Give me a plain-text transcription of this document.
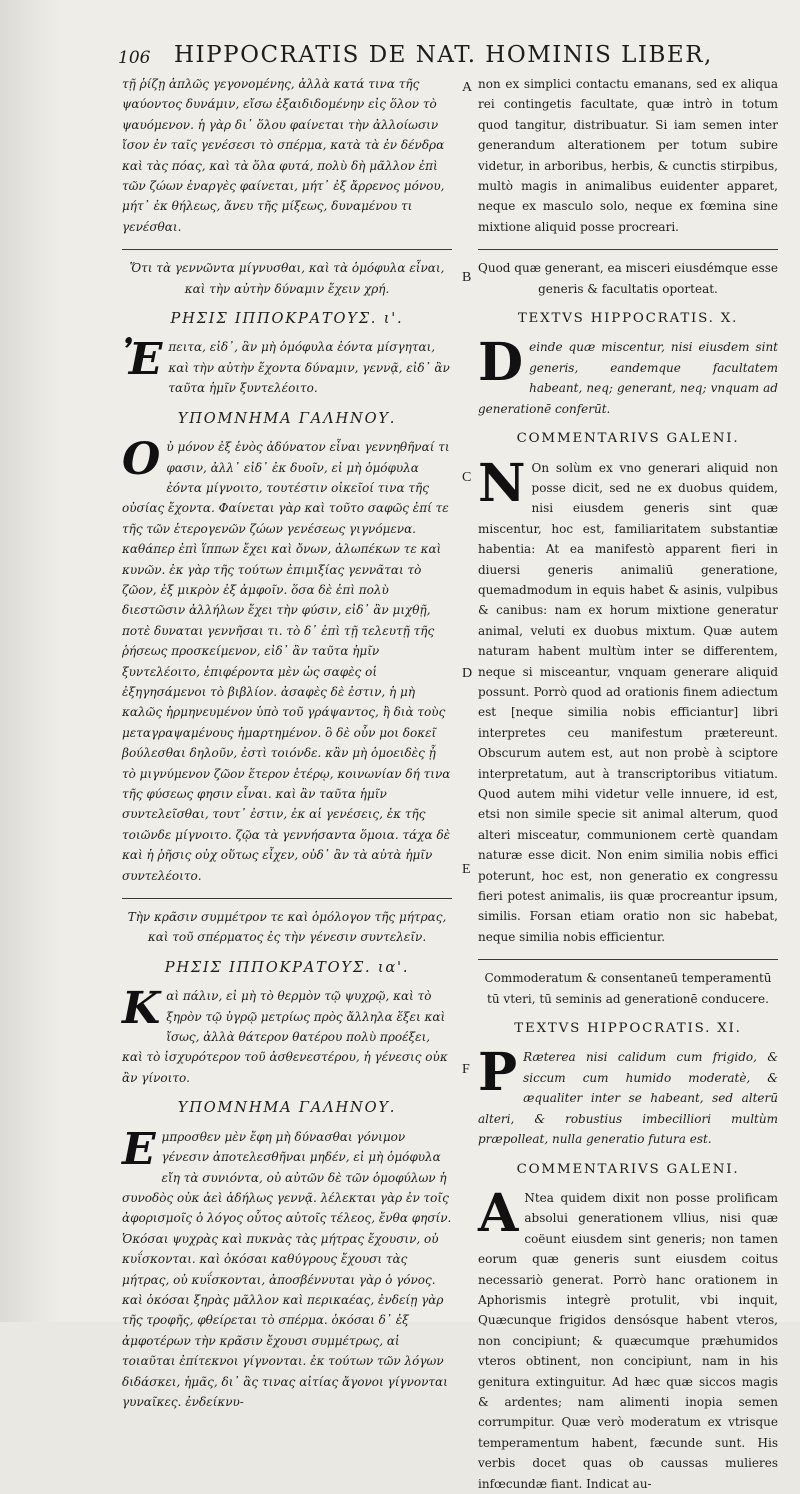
106 HIPPOCRATIS DE NAT. HOMINIS LIBER,

τῇ ῥίζῃ ἁπλῶς γεγονομένης, ἀλλὰ κατά τινα τῆς ψαύοντος δυνάμιν, εἴσω ἐξαιδιδομένην εἰς ὅλον τὸ ψαυόμενον. ἡ γὰρ δι᾽ ὅλου φαίνεται τὴν ἀλλοίωσιν ἴσον ἐν ταῖς γενέσεσι τὸ σπέρμα, κατὰ τὰ ἐν δένδρα καὶ τὰς πόας, καὶ τὰ ὅλα φυτά, πολὺ δὴ μᾶλλον ἐπὶ τῶν ζώων ἐναργὲς φαίνεται, μήτ᾽ ἐξ ἄρρενος μόνου, μήτ᾽ ἐκ θήλεως, ἄνευ τῆς μίξεως, δυναμένου τι γενέσθαι.

Ὅτι τὰ γεννῶντα μίγνυσθαι, καὶ τὰ ὁμόφυλα εἶναι, καὶ τὴν αὐτὴν δύναμιν ἔχειν χρή.

ΡΗΣΙΣ ΙΠΠΟΚΡΑΤΟΥΣ. ι'.

Ἐπειτα, εἰδ᾽, ἃν μὴ ὁμόφυλα ἐόντα μίσγηται, καὶ τὴν αὐτὴν ἔχοντα δύναμιν, γεννᾷ, εἰδ᾽ ἂν ταῦτα ἡμῖν ξυντελέοιτο.

ΥΠΟΜΝΗΜΑ ΓΑΛΗΝΟΥ.

Οὐ μόνον ἐξ ἑνὸς ἀδύνατον εἶναι γεννηθῆναί τι φασιν, ἀλλ᾽ εἰδ᾽ ἐκ δυοῖν, εἰ μὴ ὁμόφυλα ἐόντα μίγνοιτο, τουτέστιν οἰκεῖοί τινα τῆς οὐσίας ἔχοντα. Φαίνεται γὰρ καὶ τοῦτο σαφῶς ἐπί τε τῆς τῶν ἑτερογενῶν ζώων γενέσεως γιγνόμενα. καθάπερ ἐπὶ ἵππων ἔχει καὶ ὄνων, ἀλωπέκων τε καὶ κυνῶν. ἐκ γὰρ τῆς τούτων ἐπιμιξίας γεννᾶται τὸ ζῶον, ἐξ μικρὸν ἐξ ἀμφοῖν. ὅσα δὲ ἐπὶ πολὺ διεστῶσιν ἀλλήλων ἔχει τὴν φύσιν, εἰδ᾽ ἂν μιχθῇ, ποτὲ δυναται γεννῆσαι τι. τὸ δ᾽ ἐπὶ τῇ τελευτῇ τῆς ῥήσεως προσκείμενον, εἰδ᾽ ἂν ταῦτα ἡμῖν ξυντελέοιτο, ἐπιφέροντα μὲν ὡς σαφὲς οἱ ἐξηγησάμενοι τὸ βιβλίον. ἀσαφὲς δὲ ἐστιν, ἡ μὴ καλῶς ἡρμηνευμένον ὑπὸ τοῦ γράψαντος, ἢ διὰ τοὺς μεταγραψαμένους ἡμαρτημένον. ὃ δὲ οὖν μοι δοκεῖ βούλεσθαι δηλοῦν, ἐστὶ τοιόνδε. κἂν μὴ ὁμοειδὲς ᾖ τὸ μιγνύμενον ζῶον ἕτερον ἑτέρῳ, κοινωνίαν δή τινα τῆς φύσεως φησιν εἶναι. καὶ ἂν ταῦτα ἡμῖν συντελεῖσθαι, τουτ᾽ ἐστιν, ἐκ αἱ γενέσεις, ἐκ τῆς τοιῶνδε μίγνοιτο. ζῷα τὰ γεννήσαντα ὅμοια. τάχα δὲ καὶ ἡ ῥῆσις οὐχ οὕτως εἶχεν, οὐδ᾽ ἂν τὰ αὐτὰ ἡμῖν συντελέοιτο.

Τὴν κρᾶσιν συμμέτρον τε καὶ ὁμόλογον τῆς μήτρας, καὶ τοῦ σπέρματος ἐς τὴν γένεσιν συντελεῖν.

ΡΗΣΙΣ ΙΠΠΟΚΡΑΤΟΥΣ. ια'.

Καὶ πάλιν, εἰ μὴ τὸ θερμὸν τῷ ψυχρῷ, καὶ τὸ ξηρὸν τῷ ὑγρῷ μετρίως πρὸς ἄλληλα ἕξει καὶ ἴσως, ἀλλὰ θάτερον θατέρου πολὺ προέξει, καὶ τὸ ἰσχυρότερον τοῦ ἀσθενεστέρου, ἡ γένεσις οὐκ ἂν γίνοιτο.

ΥΠΟΜΝΗΜΑ ΓΑΛΗΝΟΥ.

Εμπροσθεν μὲν ἔφη μὴ δύνασθαι γόνιμον γένεσιν ἀποτελεσθῆναι μηδέν, εἰ μὴ ὁμόφυλα εἴη τὰ συνιόντα, οὐ αὐτῶν δὲ τῶν ὁμοφύλων ἡ συνοδὸς οὐκ ἀεὶ ἀδήλως γεννᾷ. λέλεκται γὰρ ἐν τοῖς ἀφορισμοῖς ὁ λόγος οὗτος αὐτοῖς τέλεος, ἔνθα φησίν. Ὁκόσαι ψυχρὰς καὶ πυκνὰς τὰς μήτρας ἔχουσιν, οὐ κυΐσκονται. καὶ ὁκόσαι καθύγρους ἔχουσι τὰς μήτρας, οὐ κυΐσκονται, ἀποσβέννυται γὰρ ὁ γόνος. καὶ ὁκόσαι ξηρὰς μᾶλλον καὶ περικαέας, ἐνδείῃ γὰρ τῆς τροφῆς, φθείρεται τὸ σπέρμα. ὁκόσαι δ᾽ ἐξ ἀμφοτέρων τὴν κρᾶσιν ἔχουσι συμμέτρως, αἱ τοιαῦται ἐπίτεκνοι γίγνονται. ἐκ τούτων τῶν λόγων διδάσκει, ἡμᾶς, δι᾽ ἃς τινας αἰτίας ἄγονοι γίγνονται γυναῖκες. ἐνδείκνυ-

A
B
C
D
E
F

non ex simplici contactu emanans, sed ex aliqua rei contingetis facultate, quæ intrò in totum quod tangitur, distribuatur. Si iam semen inter generandum alterationem per totum subire videtur, in arboribus, herbis, & cunctis stirpibus, multò magis in animalibus euidenter apparet, neque ex masculo solo, neque ex fœmina sine mixtione aliquid posse procreari.

Quod quæ generant, ea misceri eiusdémque esse generis & facultatis oporteat.

TEXTVS HIPPOCRATIS. X.

Deinde quæ miscentur, nisi eiusdem sint generis, eandemque facultatem habeant, neq; generant, neq; vnquam ad generationē conferūt.

COMMENTARIVS GALENI.

N On solùm ex vno generari aliquid non posse dicit, sed ne ex duobus quidem, nisi eiusdem generis sint quæ miscentur, hoc est, familiaritatem substantiæ habentia: At ea manifestò apparent fieri in diuersi generis animaliū generatione, quemadmodum in equis habet & asinis, vulpibus & canibus: nam ex horum mixtione generatur animal, veluti ex duobus mixtum. Quæ autem naturam habent multùm inter se differentem, neque si misceantur, vnquam generare aliquid possunt. Porrò quod ad orationis finem adiectum est [neque similia nobis efficiantur] libri interpretes ceu manifestum prætereunt. Obscurum autem est, aut non probè à sciptore interpretatum, aut à transcriptoribus vitiatum. Quod autem mihi videtur velle innuere, id est, etsi non simile specie sit animal alterum, quod alteri misceatur, communionem certè quandam naturæ esse dicit. Non enim similia nobis effici poterunt, hoc est, non generatio ex congressu fieri potest animalis, iis quæ procreantur ipsum, similis. Forsan etiam oratio non sic habebat, neque similia nobis efficientur.

Commoderatum & consentaneū temperamentū tū vteri, tū seminis ad generationē conducere.

TEXTVS HIPPOCRATIS. XI.

P Ræterea nisi calidum cum frigido, & siccum cum humido moderatè, & æqualiter inter se habeant, sed alterū alteri, & robustius imbecilliori multùm præpolleat, nulla generatio futura est.

COMMENTARIVS GALENI.

A Ntea quidem dixit non posse prolificam absolui generationem vllius, nisi quæ coëunt eiusdem sint generis; non tamen eorum quæ generis sunt eiusdem coitus necessariò generat. Porrò hanc orationem in Aphorismis integrè protulit, vbi inquit, Quæcunque frigidos densósque habent vteros, non concipiunt; & quæcumque præhumidos vteros obtinent, non concipiunt, nam in his genitura extinguitur. Ad hæc quæ siccos magis & ardentes; nam alimenti inopia semen corrumpitur. Quæ verò moderatum ex vtrisque temperamentum habent, fæcunde sunt. His verbis docet quas ob caussas mulieres infœcundæ fiant. Indicat au-
